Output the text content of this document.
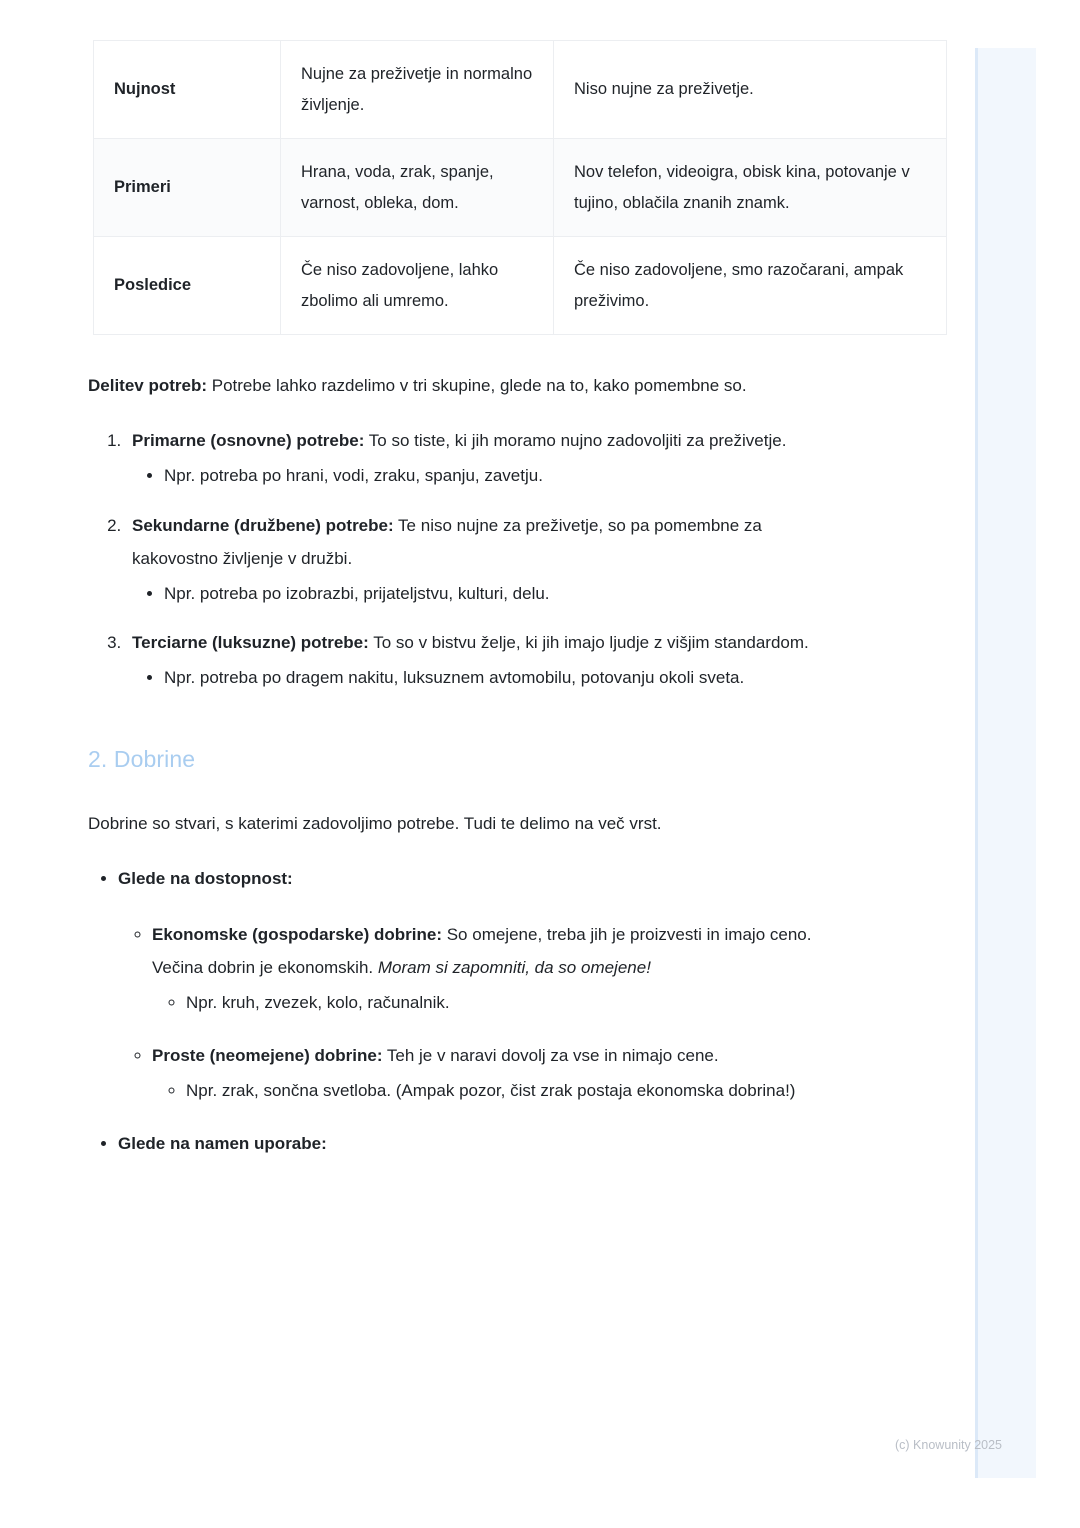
Nujnost	Nujne za preživetje in normalno življenje.	Niso nujne za preživetje.
Primeri	Hrana, voda, zrak, spanje, varnost, obleka, dom.	Nov telefon, videoigra, obisk kina, potovanje v tujino, oblačila znanih znamk.
Posledice	Če niso zadovoljene, lahko zbolimo ali umremo.	Če niso zadovoljene, smo razočarani, ampak preživimo.

Delitev potreb: Potrebe lahko razdelimo v tri skupine, glede na to, kako pomembne so.

1. Primarne (osnovne) potrebe: To so tiste, ki jih moramo nujno zadovoljiti za preživetje.
• Npr. potreba po hrani, vodi, zraku, spanju, zavetju.
2. Sekundarne (družbene) potrebe: Te niso nujne za preživetje, so pa pomembne za kakovostno življenje v družbi.
• Npr. potreba po izobrazbi, prijateljstvu, kulturi, delu.
3. Terciarne (luksuzne) potrebe: To so v bistvu želje, ki jih imajo ljudje z višjim standardom.
• Npr. potreba po dragem nakitu, luksuznem avtomobilu, potovanju okoli sveta.
2. Dobrine

Dobrine so stvari, s katerimi zadovoljimo potrebe. Tudi te delimo na več vrst.

• Glede na dostopnost:
◦ Ekonomske (gospodarske) dobrine: So omejene, treba jih je proizvesti in imajo ceno. Večina dobrin je ekonomskih. Moram si zapomniti, da so omejene!
◦ Npr. kruh, zvezek, kolo, računalnik.
◦ Proste (neomejene) dobrine: Teh je v naravi dovolj za vse in nimajo cene.
◦ Npr. zrak, sončna svetloba. (Ampak pozor, čist zrak postaja ekonomska dobrina!)
• Glede na namen uporabe:
(c) Knowunity 2025
